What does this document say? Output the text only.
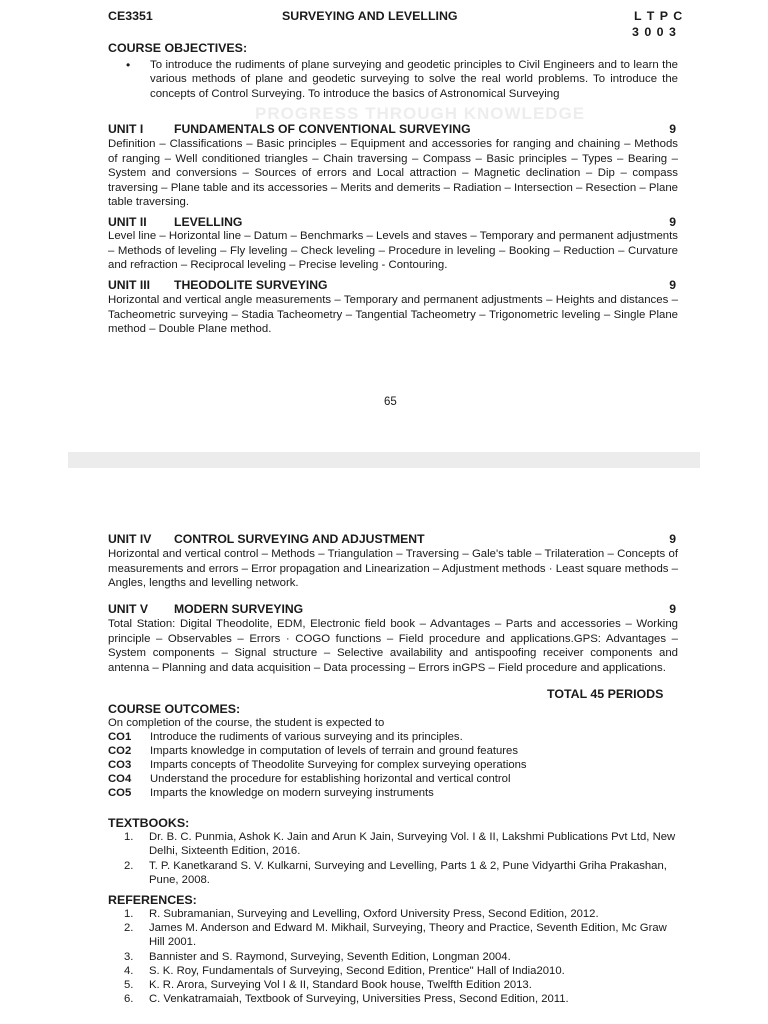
PROGRESS THROUGH KNOWLEDGE
CE3351	SURVEYING AND LEVELLING	L T P C
3 0 0 3
COURSE OBJECTIVES:
• To introduce the rudiments of plane surveying and geodetic principles to Civil Engineers and to learn the various methods of plane and geodetic surveying to solve the real world problems. To introduce the concepts of Control Surveying. To introduce the basics of Astronomical Surveying
UNIT I	FUNDAMENTALS OF CONVENTIONAL SURVEYING	9
Definition – Classifications – Basic principles – Equipment and accessories for ranging and chaining – Methods of ranging – Well conditioned triangles – Chain traversing – Compass – Basic principles – Types – Bearing – System and conversions – Sources of errors and Local attraction – Magnetic declination – Dip – compass traversing – Plane table and its accessories – Merits and demerits – Radiation – Intersection – Resection – Plane table traversing.
UNIT II LEVELLING	9
Level line – Horizontal line – Datum – Benchmarks – Levels and staves – Temporary and permanent adjustments – Methods of leveling – Fly leveling – Check leveling – Procedure in leveling – Booking – Reduction – Curvature and refraction – Reciprocal leveling – Precise leveling - Contouring.
UNIT III THEODOLITE SURVEYING	9
Horizontal and vertical angle measurements – Temporary and permanent adjustments – Heights and distances – Tacheometric surveying – Stadia Tacheometry – Tangential Tacheometry – Trigonometric leveling – Single Plane method – Double Plane method.
65
UNIT IV CONTROL SURVEYING AND ADJUSTMENT	9
Horizontal and vertical control – Methods – Triangulation – Traversing – Gale's table – Trilateration – Concepts of measurements and errors – Error propagation and Linearization – Adjustment methods · Least square methods – Angles, lengths and levelling network.
UNIT V MODERN SURVEYING	9
Total Station: Digital Theodolite, EDM, Electronic field book – Advantages – Parts and accessories – Working principle – Observables – Errors · COGO functions – Field procedure and applications.GPS: Advantages – System components – Signal structure – Selective availability and antispoofing receiver components and antenna – Planning and data acquisition – Data processing – Errors inGPS – Field procedure and applications.
TOTAL 45 PERIODS
COURSE OUTCOMES:
On completion of the course, the student is expected to
CO1 Introduce the rudiments of various surveying and its principles.
CO2 Imparts knowledge in computation of levels of terrain and ground features
CO3 Imparts concepts of Theodolite Surveying for complex surveying operations
CO4 Understand the procedure for establishing horizontal and vertical control
CO5 Imparts the knowledge on modern surveying instruments
TEXTBOOKS:
1. Dr. B. C. Punmia, Ashok K. Jain and Arun K Jain, Surveying Vol. I & II, Lakshmi Publications Pvt Ltd, New Delhi, Sixteenth Edition, 2016.
2. T. P. Kanetkarand S. V. Kulkarni, Surveying and Levelling, Parts 1 & 2, Pune Vidyarthi Griha Prakashan, Pune, 2008.
REFERENCES:
1. R. Subramanian, Surveying and Levelling, Oxford University Press, Second Edition, 2012.
2. James M. Anderson and Edward M. Mikhail, Surveying, Theory and Practice, Seventh Edition, Mc Graw Hill 2001.
3. Bannister and S. Raymond, Surveying, Seventh Edition, Longman 2004.
4. S. K. Roy, Fundamentals of Surveying, Second Edition, Prentice" Hall of India2010.
5. K. R. Arora, Surveying Vol I & II, Standard Book house, Twelfth Edition 2013.
6. C. Venkatramaiah, Textbook of Surveying, Universities Press, Second Edition, 2011.
